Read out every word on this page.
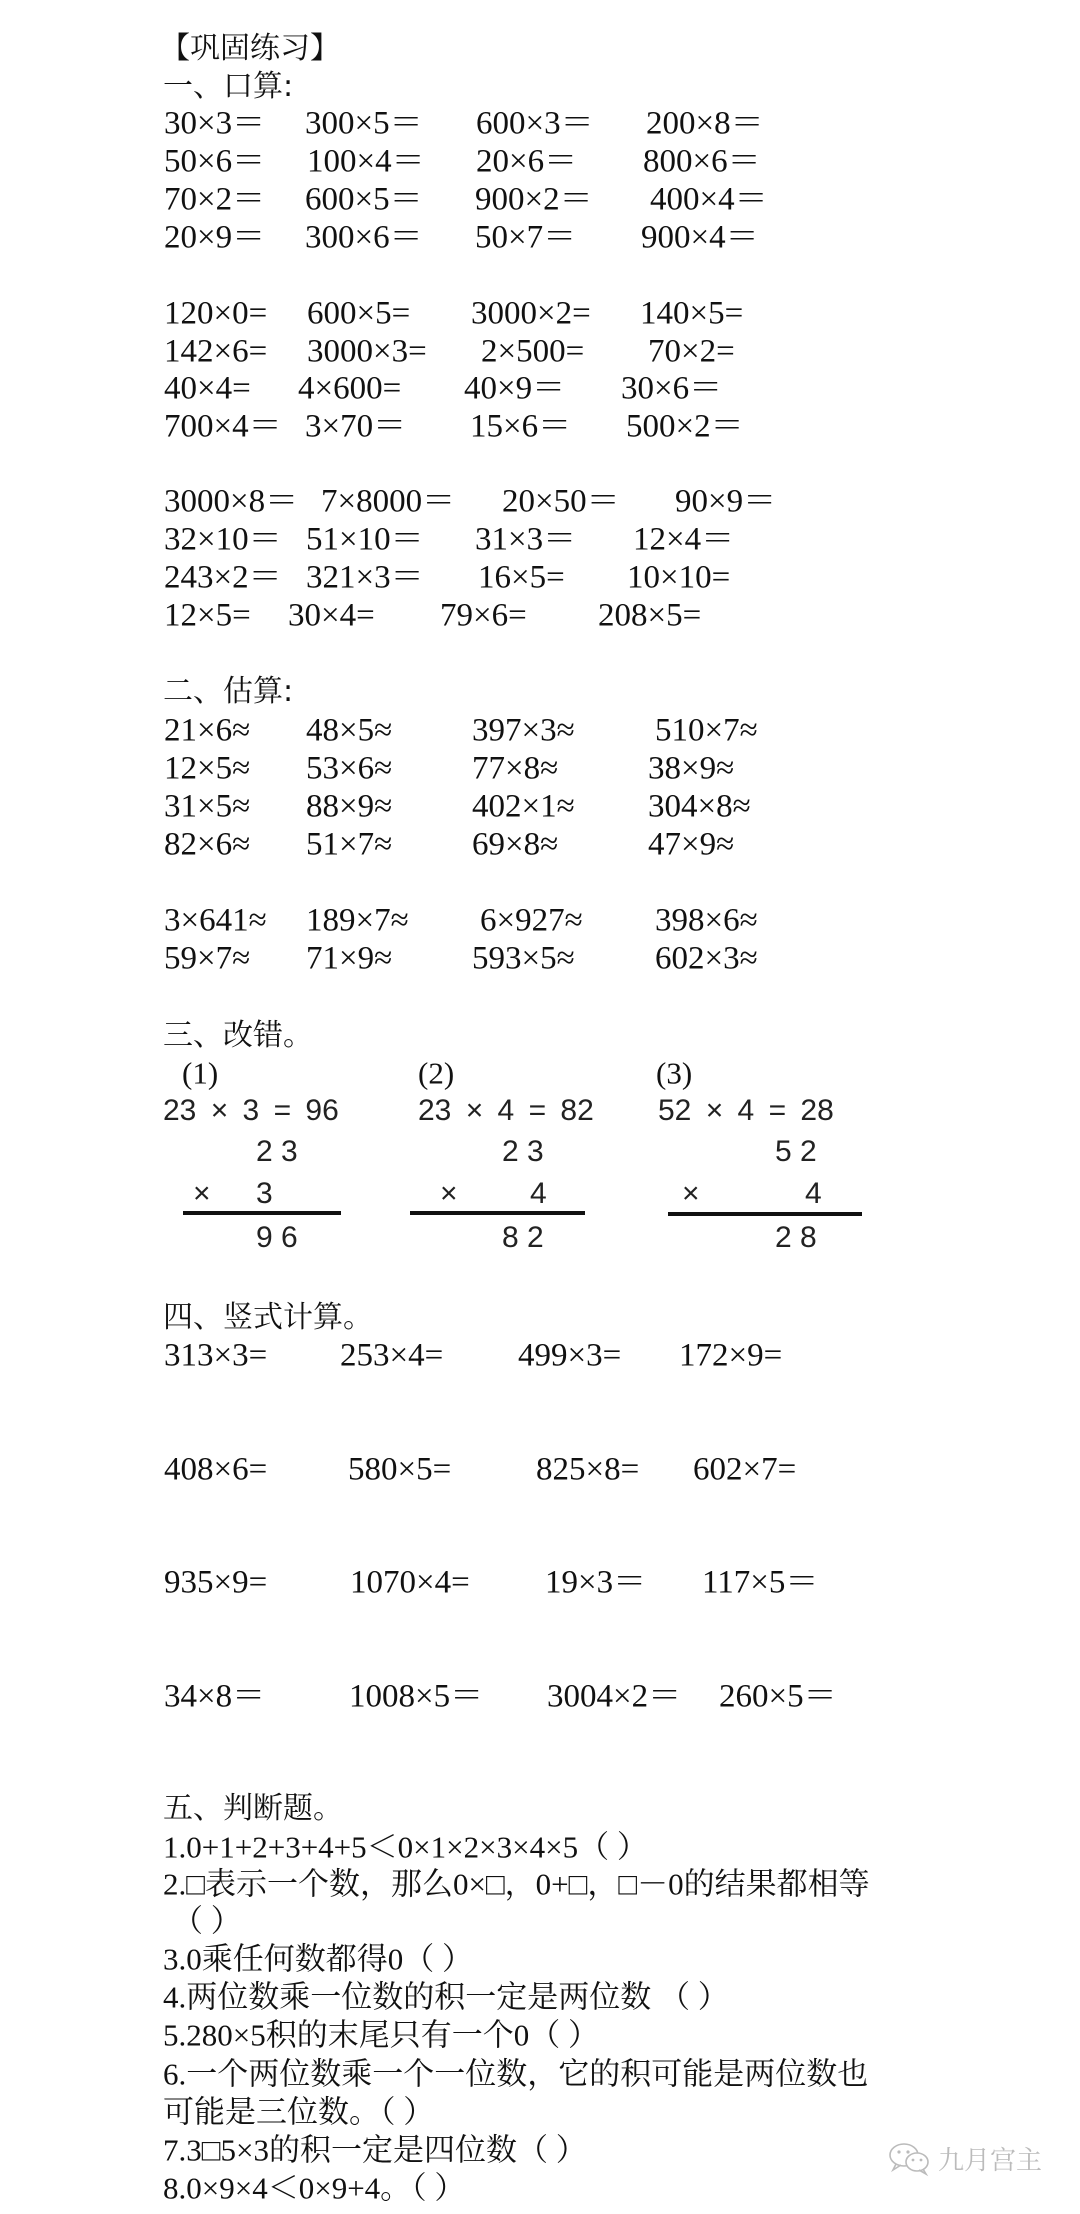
【巩固练习】
一、口算:
30×3＝ 300×5＝ 600×3＝ 200×8＝
50×6＝ 100×4＝ 20×6＝ 800×6＝
70×2＝ 600×5＝ 900×2＝ 400×4＝
20×9＝ 300×6＝ 50×7＝ 900×4＝
120×0= 600×5= 3000×2= 140×5=
142×6= 3000×3= 2×500= 70×2=
40×4= 4×600= 40×9＝ 30×6＝
700×4＝ 3×70＝ 15×6＝ 500×2＝
3000×8＝ 7×8000＝ 20×50＝ 90×9＝
32×10＝ 51×10＝ 31×3＝ 12×4＝
243×2＝ 321×3＝ 16×5= 10×10=
12×5= 30×4= 79×6= 208×5=
二、估算:
21×6≈ 48×5≈ 397×3≈ 510×7≈
12×5≈ 53×6≈ 77×8≈	38×9≈
31×5≈ 88×9≈ 402×1≈ 304×8≈
82×6≈ 51×7≈ 69×8≈	47×9≈
3×641≈ 189×7≈ 6×927≈ 398×6≈
59×7≈ 71×9≈ 593×5≈ 602×3≈
三、改错。
(1)
23 × 3 = 96
2 3
× 3
9 6
(2)
23 × 4 = 82
2 3
× 4
8 2
(3)
52 × 4 = 28
5 2
×	4
2 8
四、竖式计算。
313×3= 253×4= 499×3= 172×9=
408×6= 580×5=	825×8= 602×7=
935×9=	1070×4= 19×3＝ 117×5＝
34×8＝	1008×5＝ 3004×2＝ 260×5＝
五、判断题。
1.0+1+2+3+4+5＜0×1×2×3×4×5（ ）
2.□表示一个数，那么0×□，0+□，□－0的结果都相等
（ ）
3.0乘任何数都得0（ ）
4.两位数乘一位数的积一定是两位数 （ ）
5.280×5积的末尾只有一个0（ ）
6.一个两位数乘一个一位数，它的积可能是两位数也
可能是三位数。（ ）
7.3□5×3的积一定是四位数（ ）
8.0×9×4＜0×9+4。（ ）
九月宫主
